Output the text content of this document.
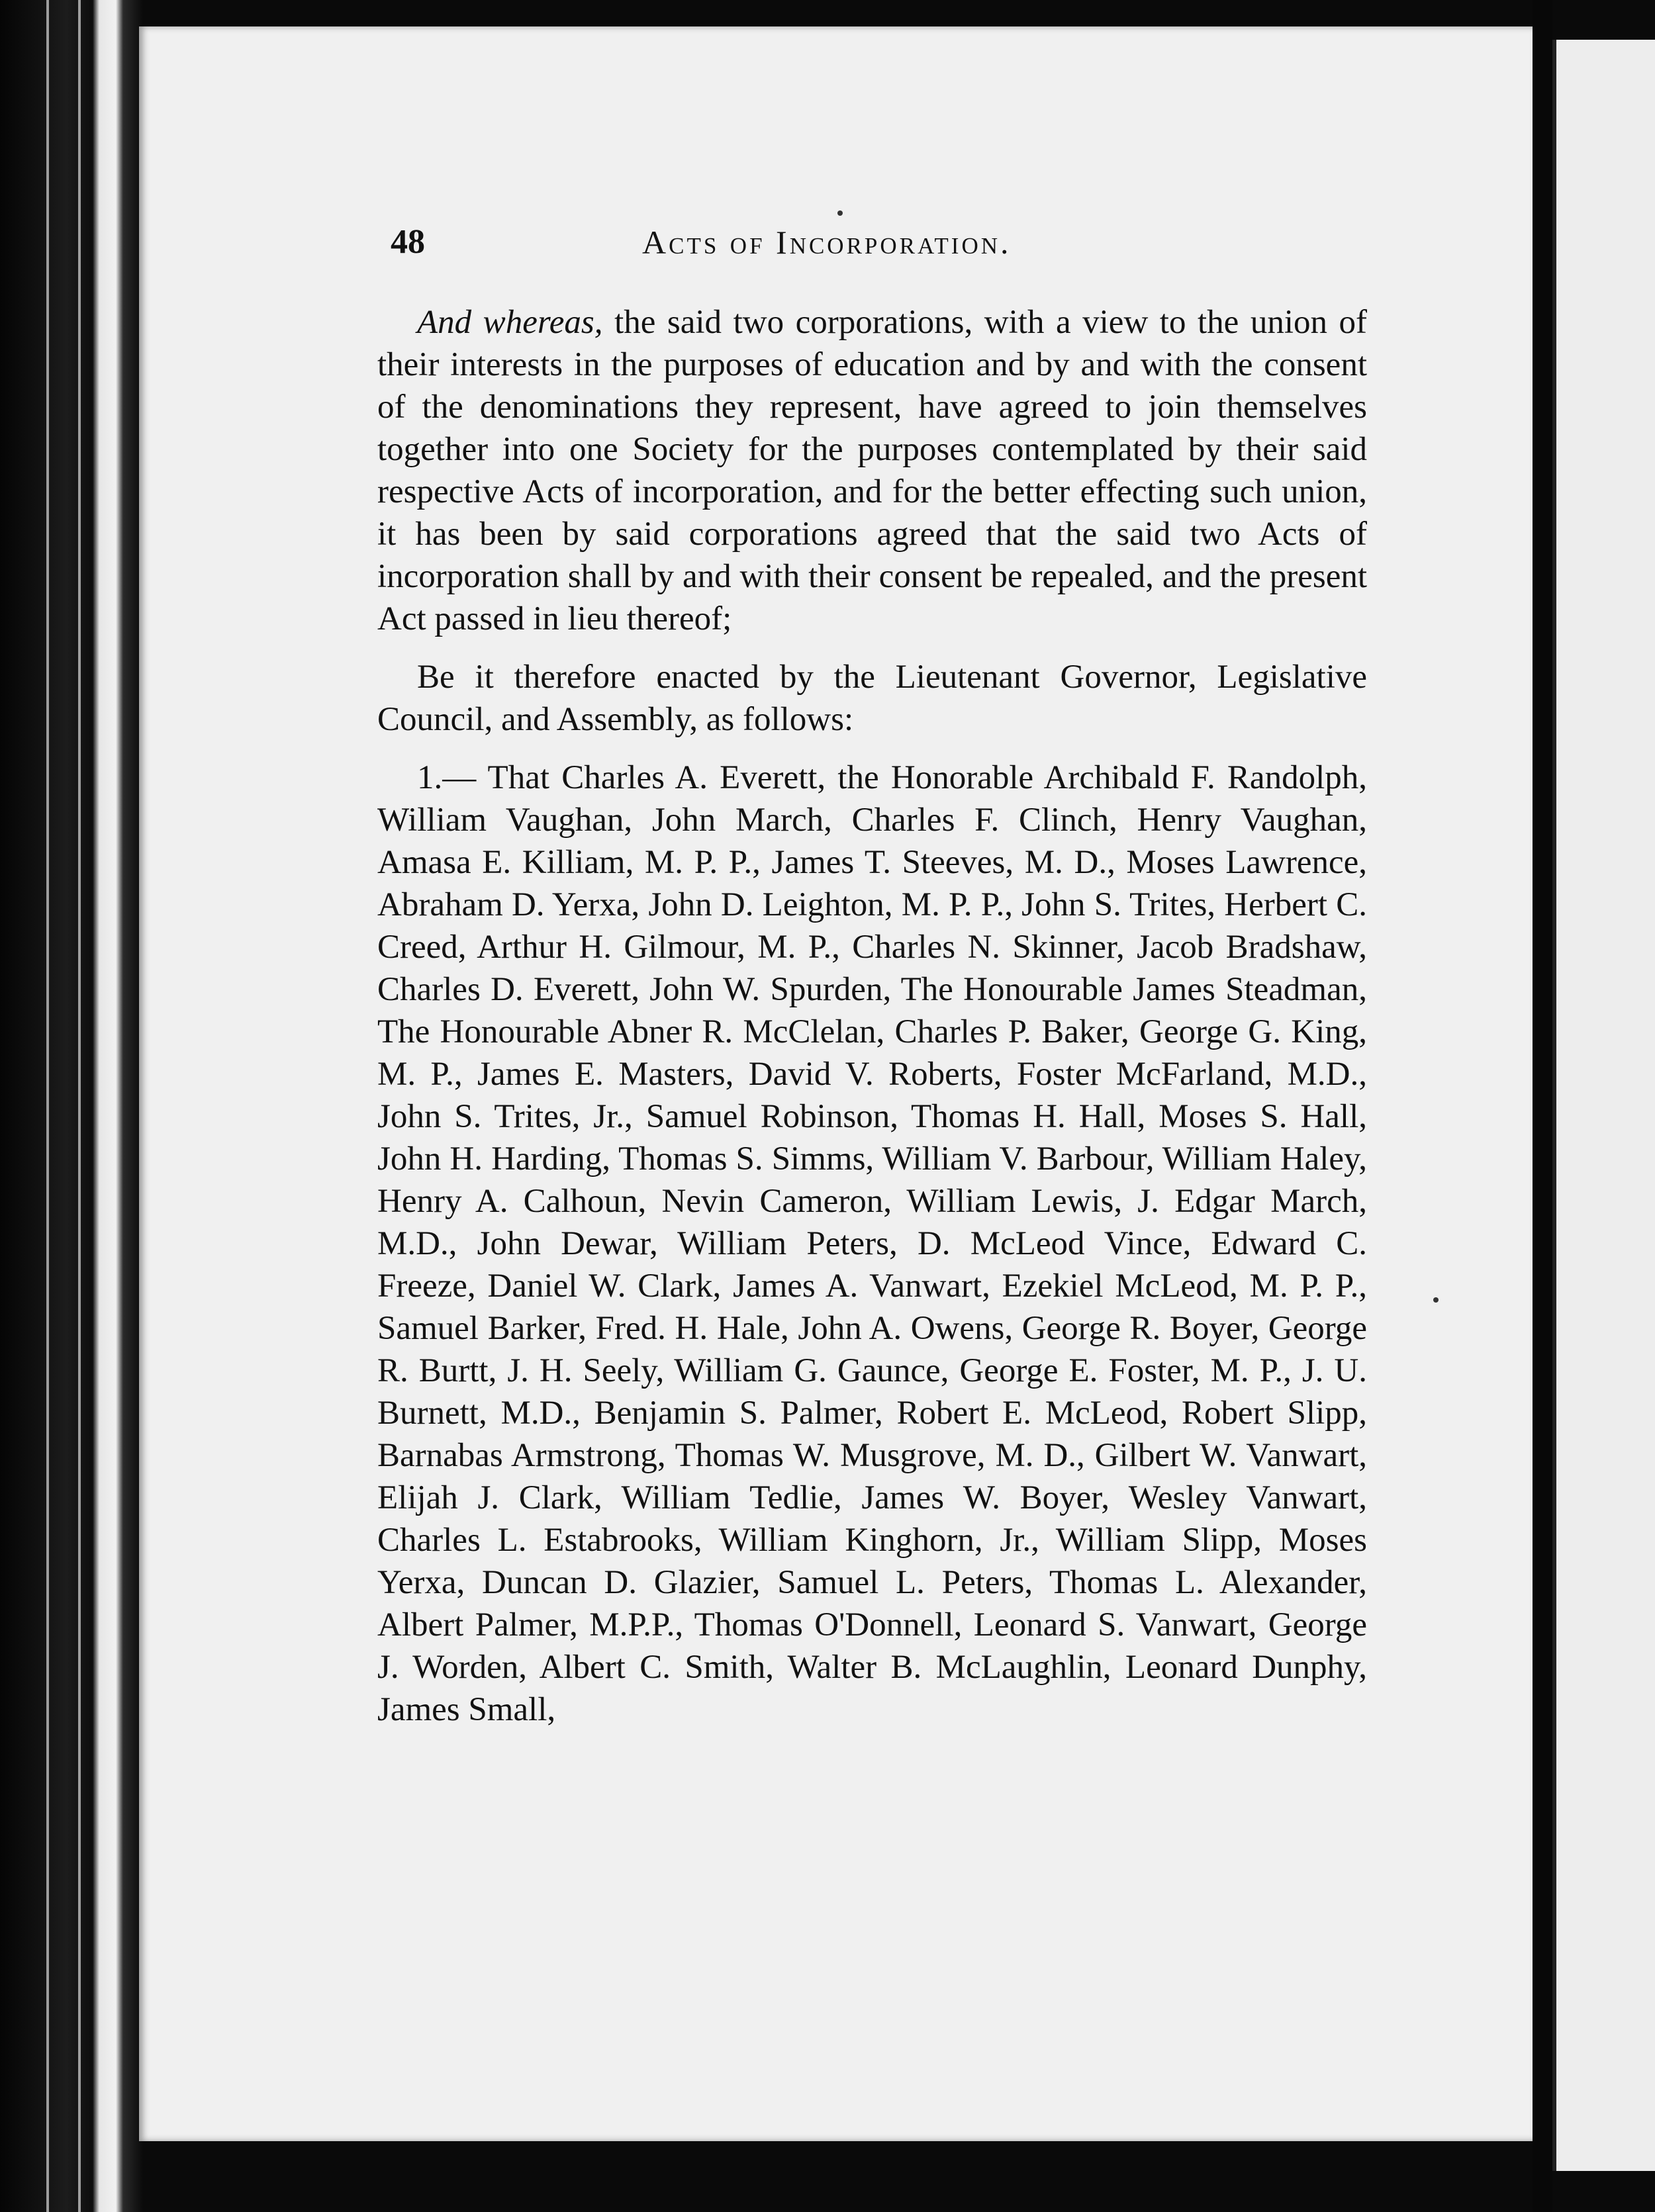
48	Acts of Incorporation.

And whereas, the said two corporations, with a view to the union of their interests in the purposes of education and by and with the consent of the denominations they represent, have agreed to join themselves together into one Society for the purposes contemplated by their said respective Acts of incorporation, and for the better effecting such union, it has been by said corporations agreed that the said two Acts of incorporation shall by and with their consent be repealed, and the present Act passed in lieu thereof;

Be it therefore enacted by the Lieutenant Governor, Legislative Council, and Assembly, as follows:

1.— That Charles A. Everett, the Honorable Archibald F. Randolph, William Vaughan, John March, Charles F. Clinch, Henry Vaughan, Amasa E. Killiam, M. P. P., James T. Steeves, M. D., Moses Lawrence, Abraham D. Yerxa, John D. Leighton, M. P. P., John S. Trites, Herbert C. Creed, Arthur H. Gilmour, M. P., Charles N. Skinner, Jacob Bradshaw, Charles D. Everett, John W. Spurden, The Honourable James Steadman, The Honourable Abner R. McClelan, Charles P. Baker, George G. King, M. P., James E. Masters, David V. Roberts, Foster McFarland, M.D., John S. Trites, Jr., Samuel Robinson, Thomas H. Hall, Moses S. Hall, John H. Harding, Thomas S. Simms, William V. Barbour, William Haley, Henry A. Calhoun, Nevin Cameron, William Lewis, J. Edgar March, M.D., John Dewar, William Peters, D. McLeod Vince, Edward C. Freeze, Daniel W. Clark, James A. Vanwart, Ezekiel McLeod, M. P. P., Samuel Barker, Fred. H. Hale, John A. Owens, George R. Boyer, George R. Burtt, J. H. Seely, William G. Gaunce, George E. Foster, M. P., J. U. Burnett, M.D., Benjamin S. Palmer, Robert E. McLeod, Robert Slipp, Barnabas Armstrong, Thomas W. Musgrove, M. D., Gilbert W. Vanwart, Elijah J. Clark, William Tedlie, James W. Boyer, Wesley Vanwart, Charles L. Estabrooks, William Kinghorn, Jr., William Slipp, Moses Yerxa, Duncan D. Glazier, Samuel L. Peters, Thomas L. Alexander, Albert Palmer, M.P.P., Thomas O'Donnell, Leonard S. Vanwart, George J. Worden, Albert C. Smith, Walter B. McLaughlin, Leonard Dunphy, James Small,
